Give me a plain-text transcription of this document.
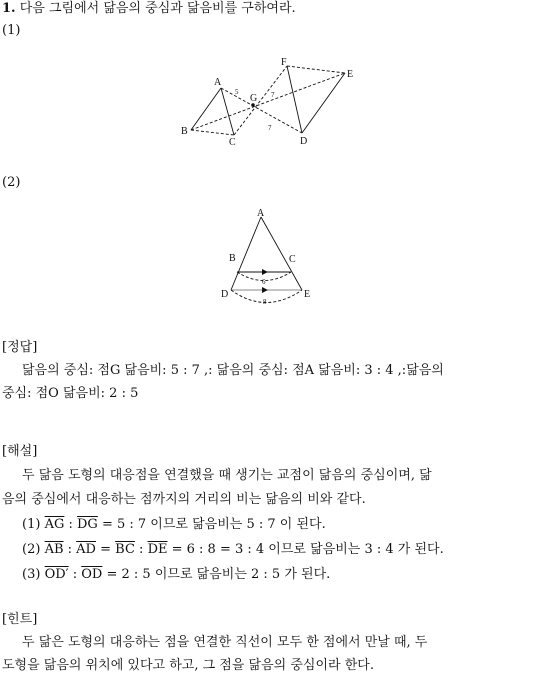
1. 다음 그림에서 닮음의 중심과 닮음비를 구하여라.
(1)
A
B
C
F
E
D
G
5
7
7
(2)
A
B	C
D	E
6
8
[정답]
닮음의 중심: 점G 닮음비: 5 : 7 ,: 닮음의 중심: 점A 닮음비: 3 : 4 ,:닮음의
중심: 점O 닮음비: 2 : 5
[해설]
두 닮음 도형의 대응점을 연결했을 때 생기는 교점이 닮음의 중심이며, 닮
음의 중심에서 대응하는 점까지의 거리의 비는 닮음의 비와 같다.
(1) $\overline{AG}$ : $\overline{DG} = 5$ : 7 이므로 닮음비는 5 : 7 이 된다.
(2) $\overline{AB}$ : $\overline{AD} = \overline{BC}$ : $\overline{DE} = 6$ : 8 = 3 : 4 이므로 닮음비는 3 : 4 가 된다.
(3) OD′ : $\overline{OD} = 2$ : 5 이므로 닮음비는 2 : 5 가 된다.
[힌트]
두 닮은 도형의 대응하는 점을 연결한 직선이 모두 한 점에서 만날 때, 두
도형을 닮음의 위치에 있다고 하고, 그 점을 닮음의 중심이라 한다.
